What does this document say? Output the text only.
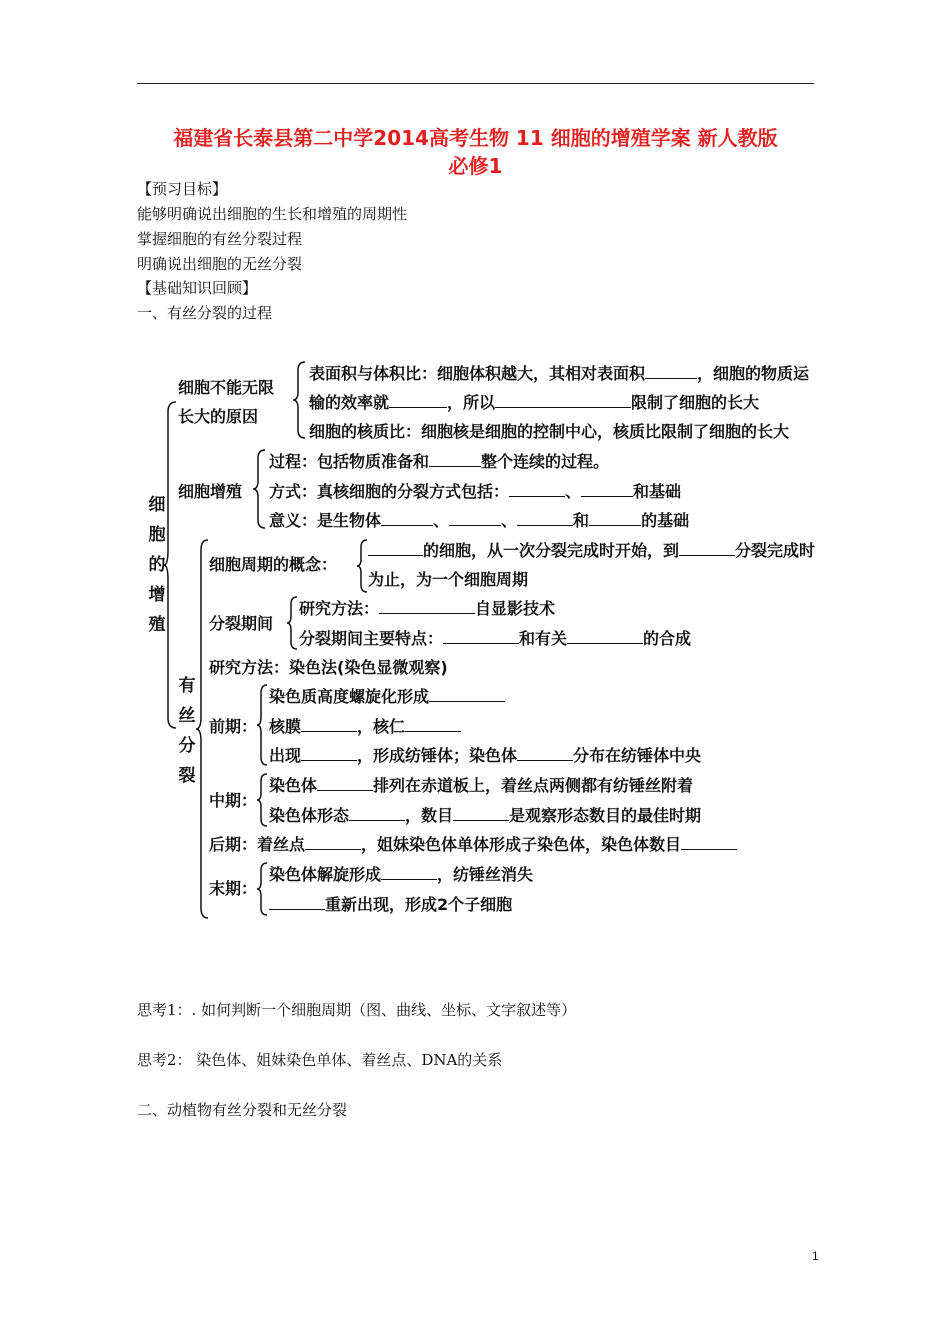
福建省长泰县第二中学2014高考生物 11 细胞的增殖学案 新人教版
必修1
【预习目标】
能够明确说出细胞的生长和增殖的周期性
掌握细胞的有丝分裂过程
明确说出细胞的无丝分裂
【基础知识回顾】
一、有丝分裂的过程
细胞的增殖
细胞不能无限
长大的原因
表面积与体积比：细胞体积越大，其相对表面积	，细胞的物质运
输的效率就	，所以	限制了细胞的长大
细胞的核质比：细胞核是细胞的控制中心，核质比限制了细胞的长大
细胞增殖
过程：包括物质准备和	整个连续的过程。
方式：真核细胞的分裂方式包括：	、	和基础
意义：是生物体	、	、	和	的基础
有丝分裂
细胞周期的概念：
的细胞，从一次分裂完成时开始，到	分裂完成时
为止，为一个细胞周期
分裂期间
研究方法：	自显影技术
分裂期间主要特点：	和有关	的合成
研究方法：染色法(染色显微观察)
前期：
染色质高度螺旋化形成
核膜	，核仁
出现	，形成纺锤体；染色体	分布在纺锤体中央
中期：
染色体	排列在赤道板上，着丝点两侧都有纺锤丝附着
染色体形态	，数目	是观察形态数目的最佳时期
后期：着丝点	，姐妹染色体单体形成子染色体，染色体数目
末期：
染色体解旋形成	，纺锤丝消失
重新出现，形成2个子细胞
思考1：. 如何判断一个细胞周期（图、曲线、坐标、文字叙述等）
思考2： 染色体、姐妹染色单体、着丝点、DNA的关系
二、动植物有丝分裂和无丝分裂
1
